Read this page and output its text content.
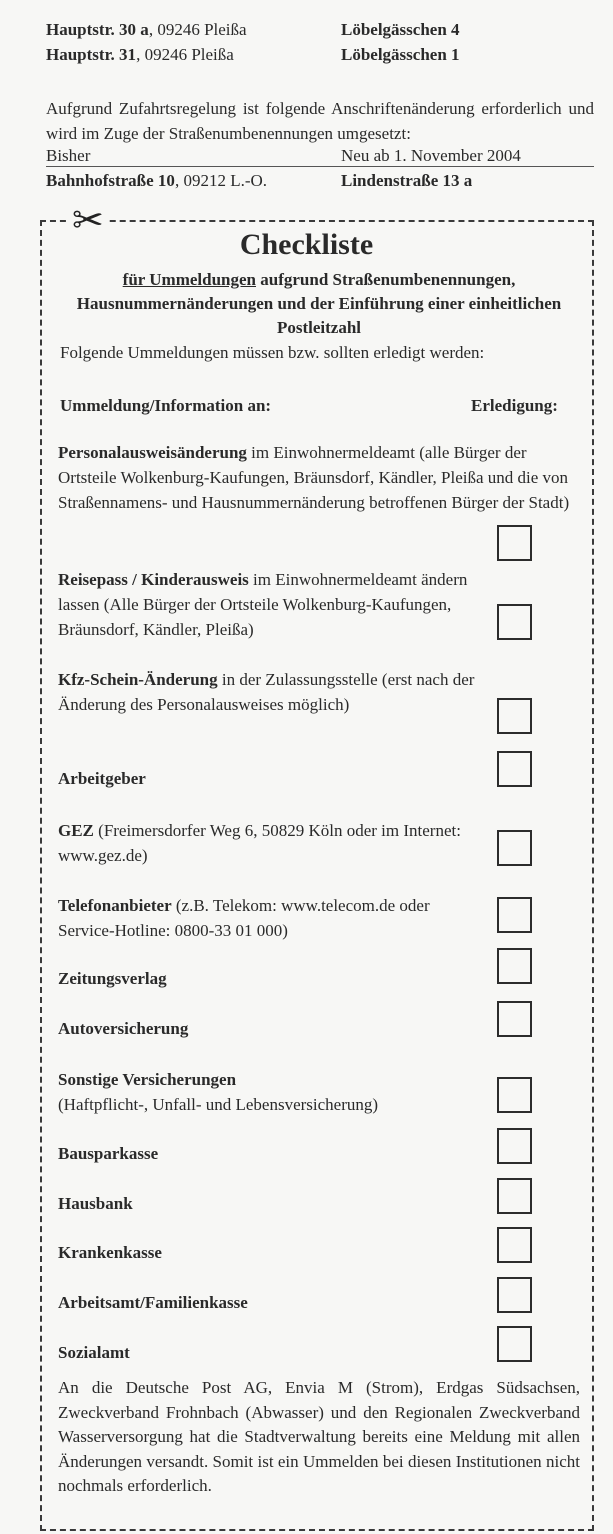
Hauptstr. 30 a, 09246 Pleißa	Löbelgässchen 4
Hauptstr. 31, 09246 Pleißa	Löbelgässchen 1
Aufgrund Zufahrtsregelung ist folgende Anschriftenänderung erforderlich und wird im Zuge der Straßenumbenennungen umgesetzt:
Bisher	Neu ab 1. November 2004
Bahnhofstraße 10, 09212 L.-O.	Lindenstraße 13 a
✂
Checkliste
für Ummeldungen aufgrund Straßenumbenennungen, Hausnummernänderungen und der Einführung einer einheitlichen Postleitzahl
Folgende Ummeldungen müssen bzw. sollten erledigt werden:
Ummeldung/Information an:	Erledigung:
Personalausweisänderung im Einwohnermeldeamt (alle Bürger der Ortsteile Wolkenburg-Kaufungen, Bräunsdorf, Kändler, Pleißa und die von Straßennamens- und Hausnummernänderung betroffenen Bürger der Stadt)
Reisepass / Kinderausweis im Einwohnermeldeamt ändern lassen (Alle Bürger der Ortsteile Wolkenburg-Kaufungen, Bräunsdorf, Kändler, Pleißa)
Kfz-Schein-Änderung in der Zulassungsstelle (erst nach der Änderung des Personalausweises möglich)
Arbeitgeber
GEZ (Freimersdorfer Weg 6, 50829 Köln oder im Internet: www.gez.de)
Telefonanbieter (z.B. Telekom: www.telecom.de oder Service-Hotline: 0800-33 01 000)
Zeitungsverlag
Autoversicherung
Sonstige Versicherungen
(Haftpflicht-, Unfall- und Lebensversicherung)
Bausparkasse
Hausbank
Krankenkasse
Arbeitsamt/Familienkasse
Sozialamt
An die Deutsche Post AG, Envia M (Strom), Erdgas Südsachsen, Zweckverband Frohnbach (Abwasser) und den Regionalen Zweckverband Wasserversorgung hat die Stadtverwaltung bereits eine Meldung mit allen Änderungen versandt. Somit ist ein Ummelden bei diesen Institutionen nicht nochmals erforderlich.
